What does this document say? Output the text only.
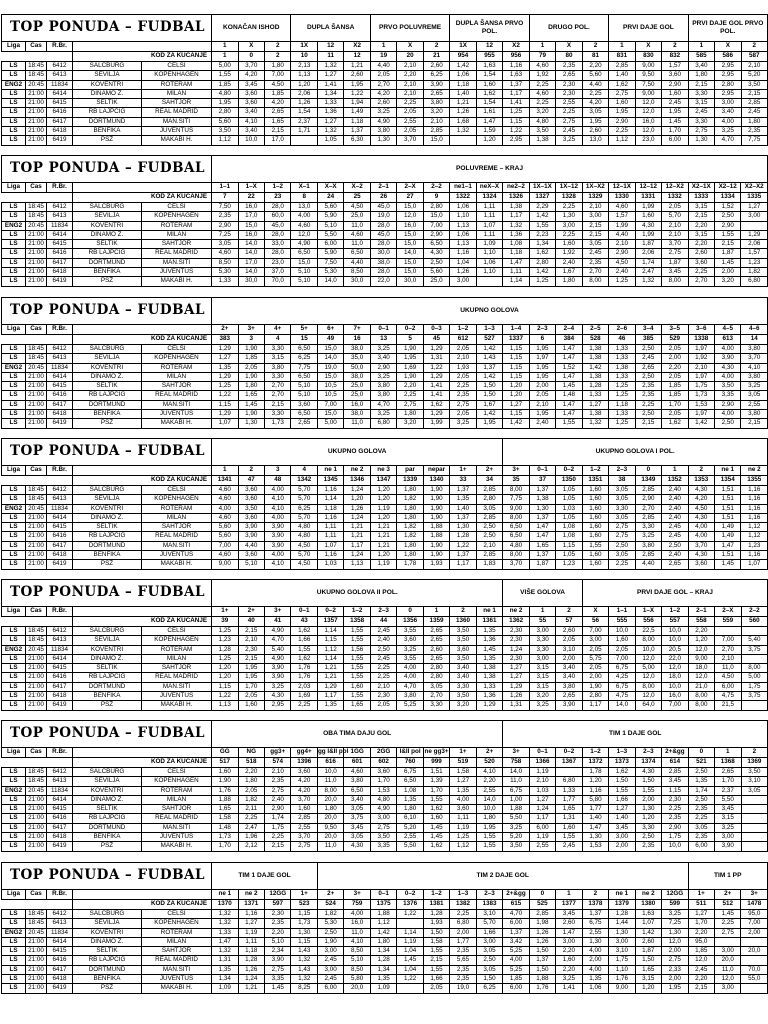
TOP PONUDA – FUDBAL					KONAČAN ISHOD			DUPLA ŠANSA			PRVO POLUVREME			DUPLA ŠANSA PRVO POL.			DRUGO POL.			PRVI DAJE GOL			PRVI DAJE GOL PRVO POL.		
Liga	Čas	R.Br.			1	X	2	1X	12	X2	1	X	2	1X	12	X2	1	X	2	1	X	2	1	X	2
			KOD ZA KUCANJE		1	0	2	10	11	12	19	20	21	954	955	956	79	80	81	831	830	832	585	586	587
LS	18:45	6412	SALCBURG	ČELSI	5,00	3,70	1,80	2,13	1,32	1,21	4,40	2,10	2,60	1,42	1,63	1,16	4,60	2,35	2,20	2,85	9,00	1,57	3,40	2,95	2,10
LS	18:45	6413	SEVILJA	KOPENHAGEN	1,55	4,20	7,00	1,13	1,27	2,60	2,05	2,20	6,25	1,06	1,54	1,63	1,92	2,65	5,60	1,40	9,50	3,60	1,80	2,95	5,20
ENG2	20:45	11834	KOVENTRI	ROTERAM	1,85	3,45	4,50	1,20	1,41	1,95	2,70	2,10	3,90	1,18	1,60	1,37	2,25	2,30	4,40	1,62	7,50	2,90	2,15	2,80	3,50
LS	21:00	6414	DINAMO Z.	MILAN	4,80	3,60	1,85	2,06	1,34	1,22	4,20	2,10	2,65	1,40	1,62	1,17	4,60	2,30	2,25	2,75	9,00	1,60	3,30	2,95	2,15
LS	21:00	6415	SELTIK	ŠAHTJOR	1,95	3,60	4,20	1,26	1,33	1,94	2,60	2,25	3,80	1,21	1,54	1,41	2,25	2,55	4,20	1,60	12,0	2,45	3,15	3,00	2,85
LS	21:00	6416	RB LAJPCIG	REAL MADRID	2,80	3,40	2,65	1,54	1,36	1,49	3,25	2,05	3,20	1,26	1,61	1,25	3,20	2,25	3,05	1,95	12,0	1,95	2,45	3,40	2,45
LS	21:00	6417	DORTMUND	MAN.SITI	5,60	4,10	1,65	2,37	1,27	1,18	4,90	2,55	2,10	1,68	1,47	1,15	4,80	2,75	1,95	2,90	16,0	1,45	3,30	4,00	1,80
LS	21:00	6418	BENFIKA	JUVENTUS	3,50	3,40	2,15	1,71	1,32	1,37	3,80	2,05	2,85	1,32	1,59	1,22	3,50	2,45	2,60	2,25	12,0	1,70	2,75	3,25	2,35
LS	21:00	6419	PSŽ	MAKABI H.	1,12	10,0	17,0		1,05	6,30	1,30	3,70	15,0		1,20	2,95	1,38	3,25	13,0	1,12	23,0	6,00	1,30	4,70	7,75
TOP PONUDA – FUDBAL					POLUVREME – KRAJ																				
Liga	Čas	R.Br.			1–1	1–X	1–2	X–1	X–X	X–2	2–1	2–X	2–2	ne1–1	neX–X	ne2–2	1X–1X	1X–12	1X–X2	12–1X	12–12	12–X2	X2–1X	X2–12	X2–X2
			KOD ZA KUCANJE		7	22	23	8	24	25	26	27	9	1322	1324	1326	1327	1328	1329	1330	1331	1332	1333	1334	1335
LS	18:45	6412	SALCBURG	ČELSI	7,50	16,0	28,0	13,0	5,60	4,50	45,0	15,0	2,80	1,06	1,11	1,38	2,29	2,25	2,10	4,60	1,99	2,05	3,15	1,52	1,27
LS	18:45	6413	SEVILJA	KOPENHAGEN	2,35	17,0	60,0	4,00	5,90	25,0	19,0	12,0	15,0	1,10	1,11	1,17	1,42	1,30	3,00	1,57	1,60	5,70	2,15	2,50	3,00
ENG2	20:45	11834	KOVENTRI	ROTERAM	2,90	15,0	45,0	4,60	5,10	11,0	28,0	16,0	7,00	1,13	1,07	1,32	1,55	3,00	2,15	1,99	4,30	2,10	2,20	2,90	
LS	21:00	6414	DINAMO Z.	MILAN	7,25	16,0	28,0	12,0	5,50	4,60	45,0	15,0	2,90	1,06	1,11	1,36	2,23	2,25	2,15	4,40	1,99	2,10	3,15	1,55	1,29
LS	21:00	6415	SELTIK	ŠAHTJOR	3,05	14,0	33,0	4,90	6,00	11,0	28,0	15,0	6,50	1,13	1,09	1,08	1,34	1,60	3,05	2,10	1,87	3,70	2,20	2,15	2,06
LS	21:00	6416	RB LAJPCIG	REAL MADRID	4,60	14,0	28,0	6,50	5,90	6,50	30,0	14,0	4,30	1,16	1,10	1,18	1,62	1,92	2,45	2,90	2,06	2,75	2,60	1,87	1,57
LS	21:00	6417	DORTMUND	MAN.SITI	8,50	17,0	23,0	15,0	7,50	4,40	38,0	15,0	2,50	1,04	1,06	1,47	2,80	2,40	2,35	4,50	1,74	1,87	3,60	1,45	1,23
LS	21:00	6418	BENFIKA	JUVENTUS	5,30	14,0	37,0	5,10	5,30	8,50	28,0	15,0	5,60	1,26	1,10	1,11	1,42	1,67	2,70	2,40	2,47	3,45	2,25	2,00	1,82
LS	21:00	6419	PSŽ	MAKABI H.	1,33	30,0	70,0	5,10	14,0	30,0	22,0	30,0	25,0	3,00		1,14	1,25	1,80	8,00	1,25	1,32	8,00	2,70	3,20	6,80
TOP PONUDA – FUDBAL					UKUPNO GOLOVA																				
Liga	Čas	R.Br.			2+	3+	4+	5+	6+	7+	0–1	0–2	0–3	1–2	1–3	1–4	2–3	2–4	2–5	2–6	3–4	3–5	3–6	4–5	4–6
			KOD ZA KUCANJE		383	3	4	15	49	16	13	5	45	612	527	1337	6	384	528	46	385	529	1338	613	14
LS	18:45	6412	SALCBURG	ČELSI	1,29	1,90	3,30	6,50	15,0	38,0	3,25	1,90	1,29	2,05	1,42	1,15	1,95	1,47	1,38	1,33	2,50	2,05	1,97	4,00	3,80
LS	18:45	6413	SEVILJA	KOPENHAGEN	1,27	1,85	3,15	6,25	14,0	35,0	3,40	1,95	1,31	2,10	1,43	1,15	1,97	1,47	1,38	1,33	2,45	2,00	1,92	3,90	3,70
ENG2	20:45	11834	KOVENTRI	ROTERAM	1,35	2,05	3,80	7,75	19,0	50,0	2,90	1,69	1,22	1,93	1,37	1,15	1,95	1,52	1,42	1,38	2,65	2,20	2,10	4,30	4,10
LS	21:00	6414	DINAMO Z.	MILAN	1,29	1,90	3,30	6,50	15,0	38,0	3,25	1,90	1,29	2,05	1,42	1,15	1,95	1,47	1,38	1,33	2,50	2,05	1,97	4,00	3,80
LS	21:00	6415	SELTIK	ŠAHTJOR	1,25	1,80	2,70	5,10	10,5	25,0	3,80	2,20	1,41	2,25	1,50	1,20	2,00	1,45	1,28	1,25	2,35	1,85	1,75	3,50	3,25
LS	21:00	6416	RB LAJPCIG	REAL MADRID	1,22	1,65	2,70	5,10	10,5	25,0	3,80	2,25	1,41	2,35	1,50	1,20	2,05	1,48	1,33	1,25	2,35	1,85	1,73	3,35	3,05
LS	21:00	6417	DORTMUND	MAN.SITI	1,15	1,45	2,15	3,60	7,00	16,0	4,70	2,75	1,62	2,75	1,67	1,27	2,10	1,47	1,27	1,18	2,25	1,70	1,53	2,90	2,55
LS	21:00	6418	BENFIKA	JUVENTUS	1,29	1,90	3,30	6,50	15,0	38,0	3,25	1,80	1,29	2,05	1,42	1,15	1,95	1,47	1,38	1,33	2,50	2,05	1,97	4,00	3,80
LS	21:00	6419	PSŽ	MAKABI H.	1,07	1,30	1,73	2,65	5,00	11,0	6,80	3,20	1,99	3,25	1,95	1,42	2,40	1,55	1,32	1,25	2,15	1,62	1,42	2,50	2,15
TOP PONUDA – FUDBAL					UKUPNO GOLOVA											UKUPNO GOLOVA I POL.									
Liga	Čas	R.Br.			1	2	3	4	ne 1	ne 2	ne 3	par	nepar	1+	2+	3+	0–1	0–2	1–2	2–3	0	1	2	ne 1	ne 2
			KOD ZA KUCANJE		1341	47	48	1342	1345	1346	1347	1339	1340	33	34	35	37	1350	1351	38	1349	1352	1353	1354	1355
LS	18:45	6412	SALCBURG	ČELSI	4,60	3,60	4,00	5,70	1,16	1,24	1,20	1,80	1,90	1,37	2,85	8,00	1,37	1,05	1,60	3,05	2,85	2,40	4,30	1,51	1,16
LS	18:45	6413	SEVILJA	KOPENHAGEN	4,60	3,60	4,10	5,70	1,14	1,20	1,20	1,82	1,90	1,35	2,80	7,75	1,38	1,05	1,60	3,05	2,90	2,40	4,20	1,51	1,16
ENG2	20:45	11834	KOVENTRI	ROTERAM	4,00	3,50	4,10	6,25	1,18	1,26	1,19	1,80	1,90	1,40	3,05	9,00	1,30	1,03	1,60	3,30	2,70	2,40	4,50	1,51	1,16
LS	21:00	6414	DINAMO Z.	MILAN	4,60	3,60	4,00	5,70	1,16	1,24	1,20	1,80	1,90	1,37	2,85	8,00	1,37	1,05	1,60	3,05	2,85	2,40	4,30	1,51	1,16
LS	21:00	6415	SELTIK	ŠAHTJOR	5,60	3,90	3,90	4,80	1,11	1,21	1,21	1,82	1,88	1,30	2,50	6,50	1,47	1,08	1,60	2,75	3,30	2,45	4,00	1,49	1,12
LS	21:00	6416	RB LAJPCIG	REAL MADRID	5,60	3,90	3,90	4,80	1,11	1,21	1,21	1,82	1,88	1,28	2,50	6,50	1,47	1,08	1,60	2,75	3,25	2,45	4,00	1,49	1,12
LS	21:00	6417	DORTMUND	MAN.SITI	7,00	4,40	3,90	4,50	1,07	1,17	1,21	1,80	1,90	1,22	2,10	4,80	1,65	1,15	1,55	2,50	3,80	2,50	3,70	1,47	1,23
LS	21:00	6418	BENFIKA	JUVENTUS	4,60	3,60	4,00	5,70	1,16	1,24	1,20	1,80	1,90	1,37	2,85	8,00	1,37	1,05	1,60	3,05	2,85	2,40	4,30	1,51	1,16
LS	21:00	6419	PSŽ	MAKABI H.	9,00	5,10	4,10	4,50	1,03	1,13	1,19	1,78	1,93	1,17	1,83	3,70	1,87	1,23	1,60	2,25	4,40	2,65	3,60	1,45	1,07
TOP PONUDA – FUDBAL					UKUPNO GOLOVA II POL.											VIŠE GOLOVA			PRVI DAJE GOL – KRAJ						
Liga	Čas	R.Br.			1+	2+	3+	0–1	0–2	1–2	2–3	0	1	2	ne 1	ne 2	1	2	X	1–1	1–X	1–2	2–1	2–X	2–2
			KOD ZA KUCANJE		39	40	41	43	1357	1358	44	1356	1359	1360	1361	1362	55	57	56	555	556	557	558	559	560
LS	18:45	6412	SALCBURG	ČELSI	1,25	2,15	4,90	1,62	1,14	1,55	2,45	3,55	2,65	3,50	1,35	2,30	3,00	2,60	7,00	10,0	22,5	10,0	2,20		
LS	18:45	6413	SEVILJA	KOPENHAGEN	1,23	2,10	4,70	1,66	1,15	1,55	2,40	3,60	2,65	3,50	1,36	2,30	3,30	2,05	3,00	1,60	8,00	10,0	1,20	7,00	5,40
ENG2	20:45	11834	KOVENTRI	ROTERAM	1,28	2,30	5,40	1,55	1,12	1,56	2,50	3,25	2,60	3,60	1,45	1,24	3,30	3,10	2,05	2,05	10,0	20,5	12,0	2,70	3,75
LS	21:00	6414	DINAMO Z.	MILAN	1,25	2,15	4,90	1,62	1,14	1,55	2,45	3,55	2,65	3,50	1,35	2,30	3,00	2,00	5,75	7,00	12,0	22,0	9,00	2,10	
LS	21:00	6415	SELTIK	ŠAHTJOR	1,20	1,95	3,90	1,76	1,21	1,55	2,25	4,00	2,80	3,40	1,38	1,27	3,15	3,40	2,05	6,75	5,00	12,0	18,0	11,0	8,00
LS	21:00	6416	RB LAJPCIG	REAL MADRID	1,20	1,95	3,90	1,76	1,21	1,55	2,25	4,00	2,80	3,40	1,38	1,27	3,15	3,40	2,00	4,25	12,0	18,0	12,0	4,50	5,00
LS	21:00	6417	DORTMUND	MAN.SITI	1,15	1,70	3,25	2,03	1,29	1,60	2,10	4,70	3,05	3,30	1,33	1,29	3,15	3,80	1,90	6,75	8,00	10,0	21,0	6,00	1,75
LS	21:00	6418	BENFIKA	JUVENTUS	1,22	2,05	4,30	1,69	1,17	1,55	2,30	3,80	2,70	3,50	1,36	1,26	3,20	2,65	2,80	4,75	12,0	16,0	8,00	4,75	3,75
LS	21:00	6419	PSŽ	MAKABI H.	1,13	1,60	2,95	2,25	1,35	1,65	2,05	5,25	3,30	3,20	1,29	1,31	3,25	3,90	1,17	14,0	64,0	7,00	8,00	21,5	
TOP PONUDA – FUDBAL					OBA TIMA DAJU GOL											TIM 1 DAJE GOL									
Liga	Čas	R.Br.			GG	NG	gg3+	gg4+	gg I&II pol	1GG	2GG	I&II pol	ne gg3+	1+	2+	3+	0–1	0–2	1–2	1–3	2–3	2+&gg	0	1	2
			KOD ZA KUCANJE		517	518	574	1396	616	601	602	760	999	519	520	758	1366	1367	1372	1373	1374	614	521	1368	1369
LS	18:45	6412	SALCBURG	ČELSI	1,60	2,20	2,10	3,60	10,0	4,60	3,60	6,75	1,51	1,58	4,10	14,0	1,19		1,78	1,62	4,30	2,85	2,50	2,65	3,50
LS	18:45	6413	SEVILJA	KOPENHAGEN	1,90	1,80	2,35	4,20	11,0	3,80	1,70	6,50	1,39	1,27	2,20	11,0	2,10	6,80	1,20	1,50	1,50	3,45	1,35	1,70	3,10
ENG2	20:45	11834	KOVENTRI	ROTERAM	1,76	2,05	2,75	4,20	8,00	6,50	1,53	1,08	1,70	1,35	2,55	6,75	1,03	1,33	1,16	1,55	1,55	1,15	1,74	2,37	3,05
LS	21:00	6414	DINAMO Z.	MILAN	1,88	1,82	2,40	3,70	20,0	3,40	4,80	1,35	1,55	4,00	14,0	1,00	1,27	1,77	5,80	1,66	2,00	2,30	2,50	5,50	
LS	21:00	6415	SELTIK	ŠAHTJOR	1,65	2,11	2,90	1,60	1,80	3,05	4,90	1,80	1,62	3,60	10,0	1,88	1,24	1,65	1,77	1,27	1,30	2,25	2,35	3,45	
LS	21:00	6416	RB LAJPCIG	REAL MADRID	1,58	2,25	1,74	2,85	20,0	3,75	3,00	6,10	1,60	1,11	1,80	5,50	1,17	1,31	1,40	1,40	1,20	2,35	2,25	3,15	
LS	21:00	6417	DORTMUND	MAN.SITI	1,48	2,47	1,75	2,55	9,50	3,45	2,75	5,20	1,45	1,19	1,95	3,25	6,00	1,60	1,47	3,45	3,30	2,90	3,05	3,25	
LS	21:00	6418	BENFIKA	JUVENTUS	1,73	1,96	2,25	3,70	20,0	3,05	3,50	2,55	1,45	1,25	1,55	5,20	1,19	1,55	1,30	3,00	2,50	1,75	2,35	3,00	
LS	21:00	6419	PSŽ	MAKABI H.	1,70	2,12	2,15	2,75	11,0	4,30	3,35	5,50	1,62	1,12	1,55	3,50	2,55	2,45	1,53	2,00	2,35	10,0	6,00	3,90	
TOP PONUDA – FUDBAL					TIM 1 DAJE GOL				TIM 2 DAJE GOL														TIM 1 PP		
Liga	Čas	R.Br.			ne 1	ne 2	12GG	1+	2+	3+	0–1	0–2	1–2	1–3	2–3	2+&gg	0	1	2	ne 1	ne 2	12GG	1+	2+	3+
			KOD ZA KUCANJE		1370	1371	597	523	524	759	1375	1376	1381	1382	1383	615	525	1377	1378	1379	1380	599	511	512	1478
LS	18:45	6412	SALCBURG	ČELSI	1,32	1,16	2,30	1,15	1,82	4,00	1,88	1,22	1,28	2,25	3,10	4,70	2,85	3,45	1,37	1,28	1,63	3,25	1,27	1,45	95,0
LS	18:45	6413	SEVILJA	KOPENHAGEN	1,32	1,27	2,35	1,73	5,30	16,0	1,12		1,93	6,80	5,70	6,00	1,98	2,60	6,75	1,44	1,07	7,25	1,70	2,25	7,00
ENG2	20:45	11834	KOVENTRI	ROTERAM	1,33	1,19	2,20	1,30	2,50	11,0	1,42	1,14	1,50	2,00	1,66	1,37	1,26	1,47	2,55	1,30	1,42	1,30	2,20	2,75	2,00
LS	21:00	6414	DINAMO Z.	MILAN	1,47	1,11	5,10	1,15	1,90	4,10	1,80	1,19	1,58	1,77	3,00	3,42	1,26	3,00	1,30	3,00	2,60	12,0	95,0		
LS	21:00	6415	SELTIK	ŠAHTJOR	1,32	1,18	2,34	1,43	3,00	8,50	1,34	1,04	1,55	2,35	3,05	5,25	1,50	2,20	4,00	3,10	1,87	2,00	1,85	3,00	20,0
LS	21:00	6416	RB LAJPCIG	REAL MADRID	1,31	1,28	3,90	1,32	2,45	5,10	1,28	1,45	2,15	5,65	2,50	4,00	1,37	1,60	2,00	1,75	1,50	2,75	12,0	20,0	
LS	21:00	6417	DORTMUND	MAN.SITI	1,35	1,26	2,75	1,43	3,00	8,50	1,34	1,04	1,55	2,35	3,05	5,25	1,50	2,20	4,00	1,10	1,65	2,33	2,45	11,0	70,0
LS	21:00	6418	BENFIKA	JUVENTUS	1,34	1,24	3,35	1,32	2,45	5,80	1,35	1,22	1,66	2,35	1,50	1,85	1,88	3,25	1,35	1,76	3,15	2,00	2,20	12,0	55,0
LS	21:00	6419	PSŽ	MAKABI H.	1,09	1,21	1,45	8,25	6,00	20,0	1,09		2,05	19,0	6,25	6,00	1,76	1,41	1,06	9,00	1,20	1,95	2,15	3,00	
